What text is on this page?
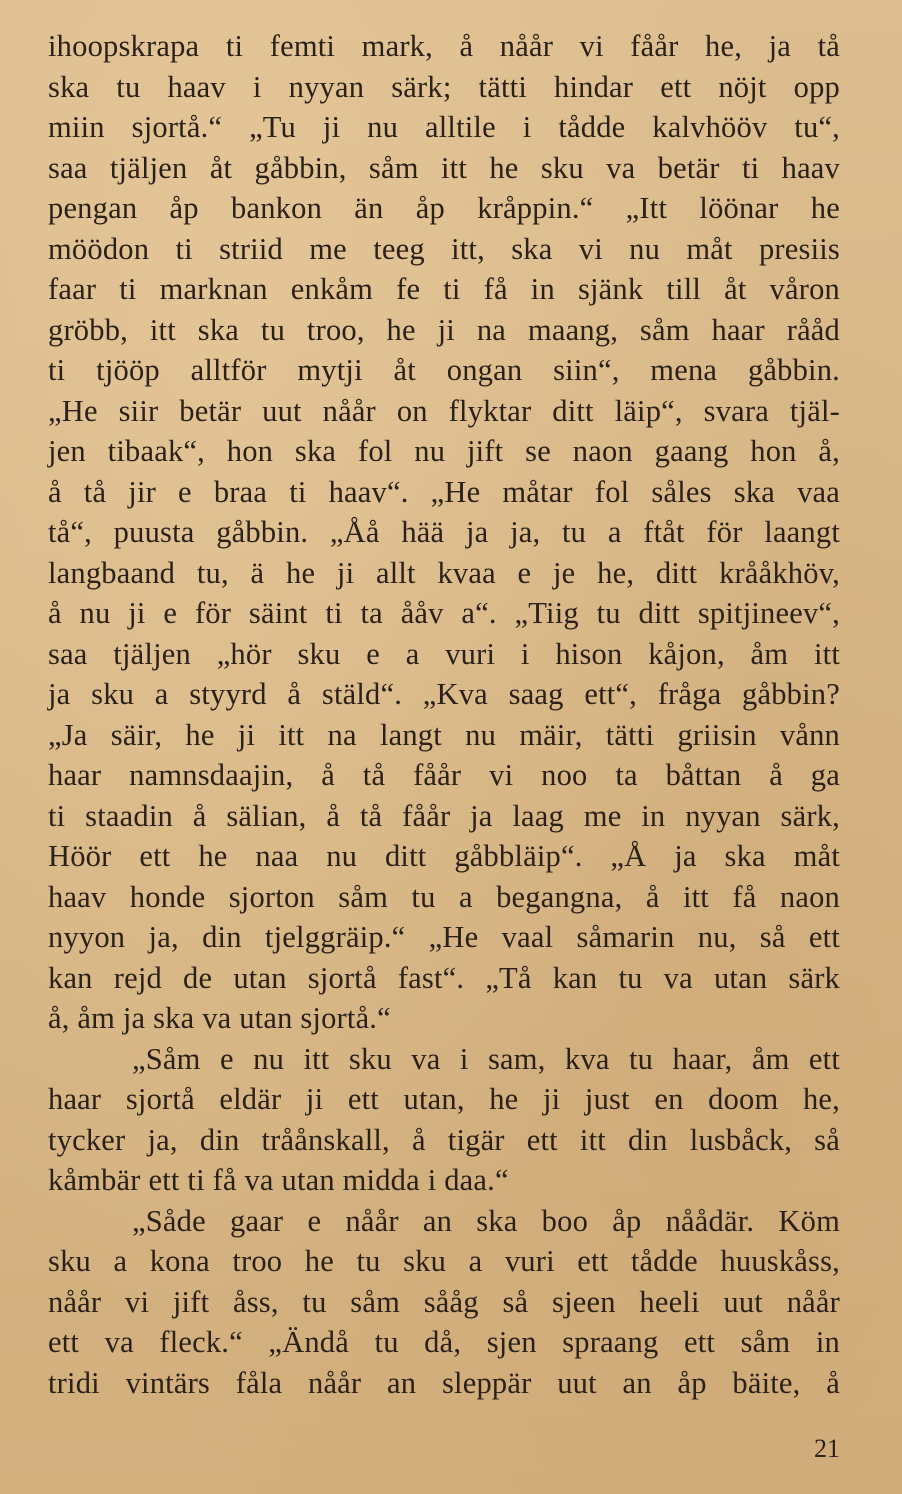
ihoopskrapa ti femti mark, å nåår vi fåår he, ja tå
ska tu haav i nyyan särk; tätti hindar ett nöjt opp
miin sjortå.“ „Tu ji nu alltile i tådde kalvhööv tu“,
saa tjäljen åt gåbbin, såm itt he sku va betär ti haav
pengan åp bankon än åp kråppin.“ „Itt löönar he
möödon ti striid me teeg itt, ska vi nu måt presiis
faar ti marknan enkåm fe ti få in sjänk till åt våron
gröbb, itt ska tu troo, he ji na maang, såm haar rååd
ti tjööp alltför mytji åt ongan siin“, mena gåbbin.
„He siir betär uut nåår on flyktar ditt läip“, svara tjäl-
jen tibaak“, hon ska fol nu jift se naon gaang hon å,
å tå jir e braa ti haav“. „He måtar fol såles ska vaa
tå“, puusta gåbbin. „Åå hää ja ja, tu a ftåt för laangt
langbaand tu, ä he ji allt kvaa e je he, ditt krååkhöv,
å nu ji e för säint ti ta ååv a“. „Tiig tu ditt spitjineev“,
saa tjäljen „hör sku e a vuri i hison kåjon, åm itt
ja sku a styyrd å stäld“. „Kva saag ett“, fråga gåbbin?
„Ja säir, he ji itt na langt nu mäir, tätti griisin vånn
haar namnsdaajin, å tå fåår vi noo ta båttan å ga
ti staadin å sälian, å tå fåår ja laag me in nyyan särk,
Höör ett he naa nu ditt gåbbläip“. „Å ja ska måt
haav honde sjorton såm tu a begangna, å itt få naon
nyyon ja, din tjelggräip.“ „He vaal såmarin nu, så ett
kan rejd de utan sjortå fast“. „Tå kan tu va utan särk
å, åm ja ska va utan sjortå.“
„Såm e nu itt sku va i sam, kva tu haar, åm ett
haar sjortå eldär ji ett utan, he ji just en doom he,
tycker ja, din tråånskall, å tigär ett itt din lusbåck, så
kåmbär ett ti få va utan midda i daa.“
„Såde gaar e nåår an ska boo åp nåådär. Köm
sku a kona troo he tu sku a vuri ett tådde huuskåss,
nåår vi jift åss, tu såm sååg så sjeen heeli uut nåår
ett va fleck.“ „Ändå tu då, sjen spraang ett såm in
tridi vintärs fåla nåår an sleppär uut an åp bäite, å
21
